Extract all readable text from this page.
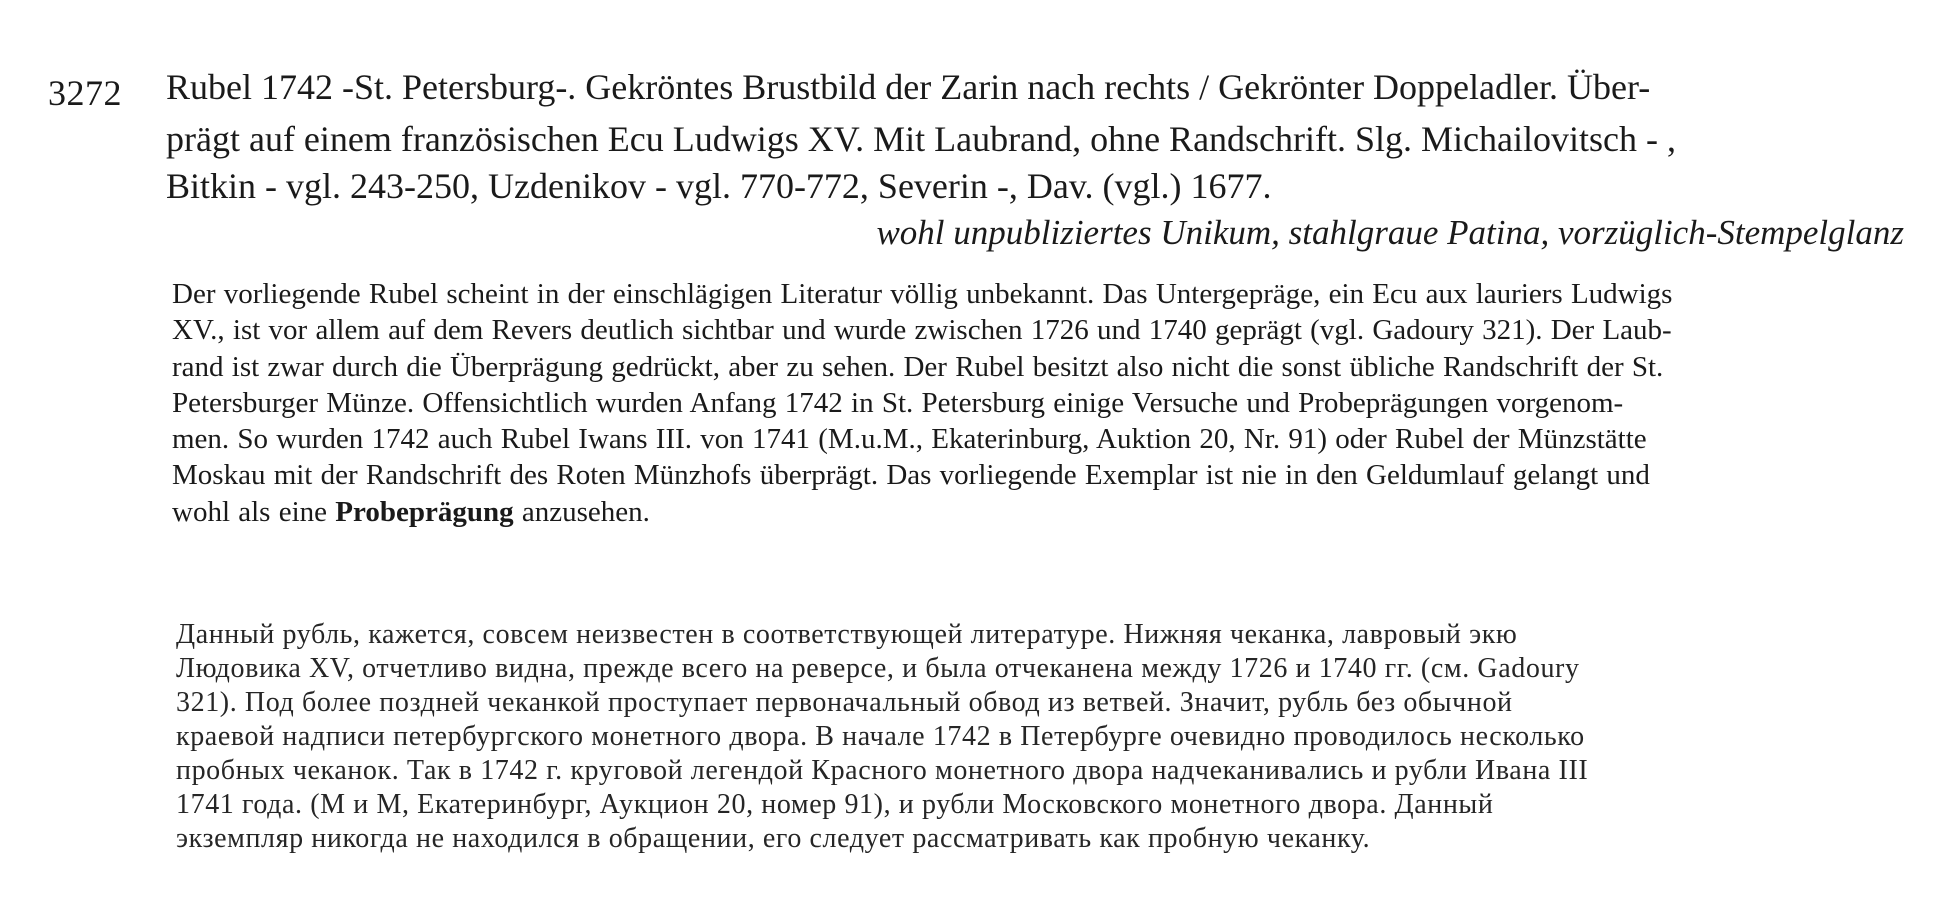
3272 Rubel 1742 -St. Petersburg-. Gekröntes Brustbild der Zarin nach rechts / Gekrönter Doppeladler. Über-
prägt auf einem französischen Ecu Ludwigs XV. Mit Laubrand, ohne Randschrift. Slg. Michailovitsch - ,
Bitkin - vgl. 243-250, Uzdenikov - vgl. 770-772, Severin -, Dav. (vgl.) 1677.
wohl unpubliziertes Unikum, stahlgraue Patina, vorzüglich-Stempelglanz
Der vorliegende Rubel scheint in der einschlägigen Literatur völlig unbekannt. Das Untergepräge, ein Ecu aux lauriers Ludwigs
XV., ist vor allem auf dem Revers deutlich sichtbar und wurde zwischen 1726 und 1740 geprägt (vgl. Gadoury 321). Der Laub-
rand ist zwar durch die Überprägung gedrückt, aber zu sehen. Der Rubel besitzt also nicht die sonst übliche Randschrift der St.
Petersburger Münze. Offensichtlich wurden Anfang 1742 in St. Petersburg einige Versuche und Probeprägungen vorgenom-
men. So wurden 1742 auch Rubel Iwans III. von 1741 (M.u.M., Ekaterinburg, Auktion 20, Nr. 91) oder Rubel der Münzstätte
Moskau mit der Randschrift des Roten Münzhofs überprägt. Das vorliegende Exemplar ist nie in den Geldumlauf gelangt und
wohl als eine Probeprägung anzusehen.
Данный рубль, кажется, совсем неизвестен в соответствующей литературе. Нижняя чеканка, лавровый экю
Людовика XV, отчетливо видна, прежде всего на реверсе, и была отчеканена между 1726 и 1740 гг. (см. Gadoury
321). Под более поздней чеканкой проступает первоначальный обвод из ветвей. Значит, рубль без обычной
краевой надписи петербургского монетного двора. В начале 1742 в Петербурге очевидно проводилось несколько
пробных чеканок. Так в 1742 г. круговой легендой Красного монетного двора надчеканивались и рубли Ивана III
1741 года. (М и М, Екатеринбург, Аукцион 20, номер 91), и рубли Московского монетного двора. Данный
экземпляр никогда не находился в обращении, его следует рассматривать как пробную чеканку.
